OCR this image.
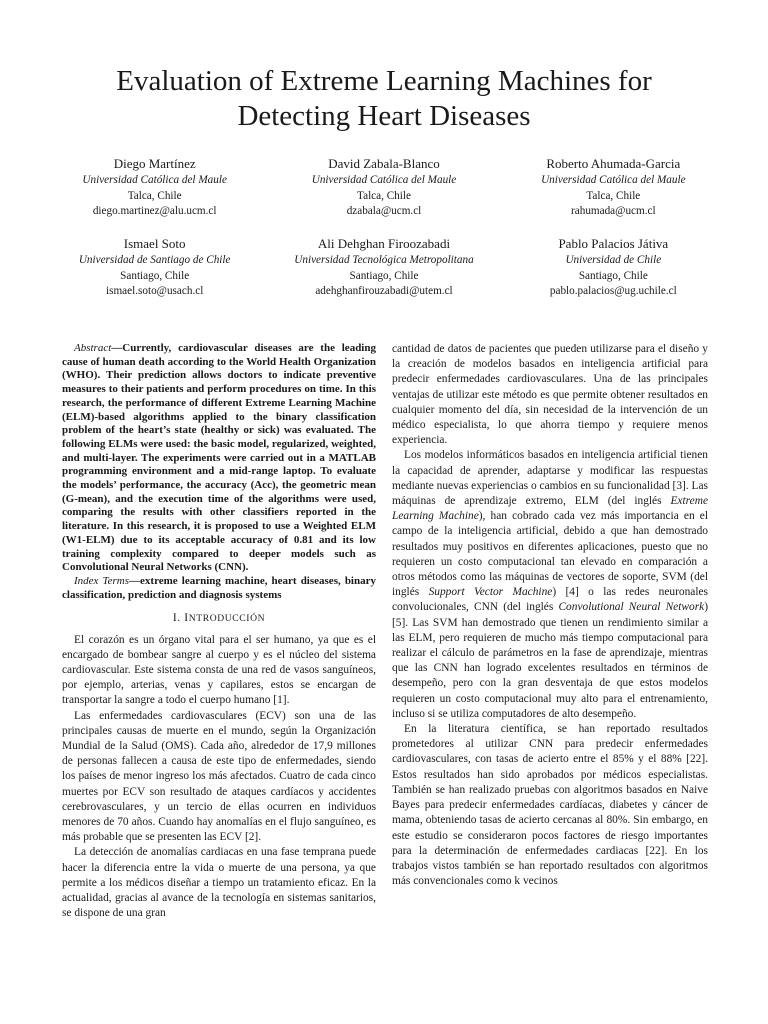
Evaluation of Extreme Learning Machines for
Detecting Heart Diseases
Diego Martínez
Universidad Católica del Maule
Talca, Chile
diego.martinez@alu.ucm.cl
David Zabala-Blanco
Universidad Católica del Maule
Talca, Chile
dzabala@ucm.cl
Roberto Ahumada-Garcia
Universidad Católica del Maule
Talca, Chile
rahumada@ucm.cl
Ismael Soto
Universidad de Santiago de Chile
Santiago, Chile
ismael.soto@usach.cl
Ali Dehghan Firoozabadi
Universidad Tecnológica Metropolitana
Santiago, Chile
adehghanfirouzabadi@utem.cl
Pablo Palacios Játiva
Universidad de Chile
Santiago, Chile
pablo.palacios@ug.uchile.cl

Abstract—Currently, cardiovascular diseases are the leading cause of human death according to the World Health Organization (WHO). Their prediction allows doctors to indicate preventive measures to their patients and perform procedures on time. In this research, the performance of different Extreme Learning Machine (ELM)-based algorithms applied to the binary classification problem of the heart’s state (healthy or sick) was evaluated. The following ELMs were used: the basic model, regularized, weighted, and multi-layer. The experiments were carried out in a MATLAB programming environment and a mid-range laptop. To evaluate the models’ performance, the accuracy (Acc), the geometric mean (G-mean), and the execution time of the algorithms were used, comparing the results with other classifiers reported in the literature. In this research, it is proposed to use a Weighted ELM (W1-ELM) due to its acceptable accuracy of 0.81 and its low training complexity compared to deeper models such as Convolutional Neural Networks (CNN).

Index Terms—extreme learning machine, heart diseases, binary classification, prediction and diagnosis systems

I. INTRODUCCIÓN

El corazón es un órgano vital para el ser humano, ya que es el encargado de bombear sangre al cuerpo y es el núcleo del sistema cardiovascular. Este sistema consta de una red de vasos sanguíneos, por ejemplo, arterias, venas y capilares, estos se encargan de transportar la sangre a todo el cuerpo humano [1].

Las enfermedades cardiovasculares (ECV) son una de las principales causas de muerte en el mundo, según la Organización Mundial de la Salud (OMS). Cada año, alrededor de 17,9 millones de personas fallecen a causa de este tipo de enfermedades, siendo los países de menor ingreso los más afectados. Cuatro de cada cinco muertes por ECV son resultado de ataques cardíacos y accidentes cerebrovasculares, y un tercio de ellas ocurren en individuos menores de 70 años. Cuando hay anomalías en el flujo sanguíneo, es más probable que se presenten las ECV [2].

La detección de anomalías cardiacas en una fase temprana puede hacer la diferencia entre la vida o muerte de una persona, ya que permite a los médicos diseñar a tiempo un tratamiento eficaz. En la actualidad, gracias al avance de la tecnología en sistemas sanitarios, se dispone de una gran

cantidad de datos de pacientes que pueden utilizarse para el diseño y la creación de modelos basados en inteligencia artificial para predecir enfermedades cardiovasculares. Una de las principales ventajas de utilizar este método es que permite obtener resultados en cualquier momento del día, sin necesidad de la intervención de un médico especialista, lo que ahorra tiempo y requiere menos experiencia.

Los modelos informáticos basados en inteligencia artificial tienen la capacidad de aprender, adaptarse y modificar las respuestas mediante nuevas experiencias o cambios en su funcionalidad [3]. Las máquinas de aprendizaje extremo, ELM (del inglés Extreme Learning Machine), han cobrado cada vez más importancia en el campo de la inteligencia artificial, debido a que han demostrado resultados muy positivos en diferentes aplicaciones, puesto que no requieren un costo computacional tan elevado en comparación a otros métodos como las máquinas de vectores de soporte, SVM (del inglés Support Vector Machine) [4] o las redes neuronales convolucionales, CNN (del inglés Convolutional Neural Network) [5]. Las SVM han demostrado que tienen un rendimiento similar a las ELM, pero requieren de mucho más tiempo computacional para realizar el cálculo de parámetros en la fase de aprendizaje, mientras que las CNN han logrado excelentes resultados en términos de desempeño, pero con la gran desventaja de que estos modelos requieren un costo computacional muy alto para el entrenamiento, incluso si se utiliza computadores de alto desempeño.

En la literatura científica, se han reportado resultados prometedores al utilizar CNN para predecir enfermedades cardiovasculares, con tasas de acierto entre el 85% y el 88% [22]. Estos resultados han sido aprobados por médicos especialistas. También se han realizado pruebas con algoritmos basados en Naive Bayes para predecir enfermedades cardíacas, diabetes y cáncer de mama, obteniendo tasas de acierto cercanas al 80%. Sin embargo, en este estudio se consideraron pocos factores de riesgo importantes para la determinación de enfermedades cardiacas [22]. En los trabajos vistos también se han reportado resultados con algoritmos más convencionales como k vecinos
